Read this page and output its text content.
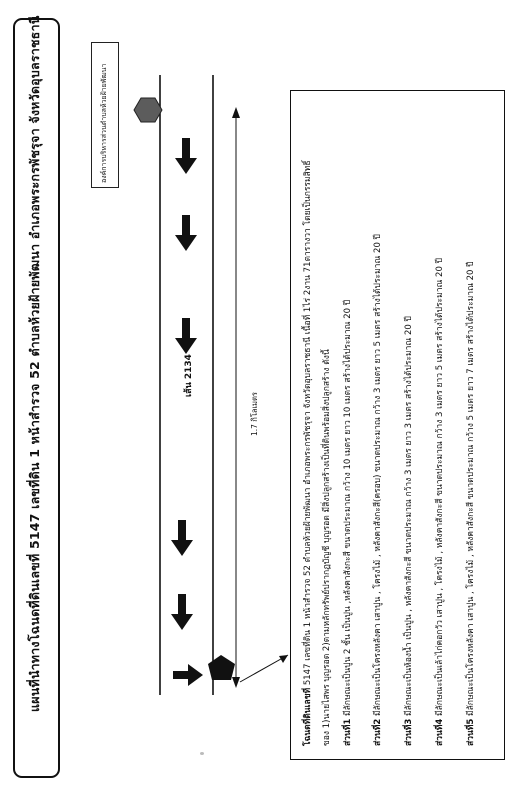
แผนที่นำทางโฉนดที่ดินเลขที่ 5147 เลขที่ดิน 1 หน้าสำรวจ 52 ตำบลห้วยฝ้ายพัฒนา อำเภอพระกรพัชรุจา จังหวัดอุบลราชธานี	องค์การบริหารส่วนตำบลห้วยฝ้ายพัฒนา
เส้น 2134
1.7 กิโลเมตร
โฉนดที่ดินเลขที่ 5147 เลขที่ดิน 1 หน้าสำรวจ 52 ตำบลห้วยฝ้ายพัฒนา อำเภอพระกรพัชรุจา จังหวัดอุบลราชธานี เนื้อที่ 1ไร่ 2งาน 71ตารางวา โดยเป็นกรรมสิทธิ์	ของ 1)นายไสพร บุญรอด 2)ตามหลักทรัพย์ปรากฏบัญชี บุญรอด มีสิ่งปลูกสร้างเป็นที่ดินพร้อมสิ่งปลูกสร้าง ดังนี้	ส่วนที่1 มีลักษณะเป็นปูน 2 ชั้น เป็นปูน ,หลังคาสังกะสี ขนาดประมาณ กว้าง 10 เมตร ยาว 10 เมตร สร้างได้ประมาณ 20 ปี
ส่วนที่2 มีลักษณะเป็นโครงหลังคา เสาปูน , โครงไม้ , หลังคาสังกะสี(ครอบ) ขนาดประมาณ กว้าง 3 เมตร ยาว 5 เมตร สร้างได้ประมาณ 20 ปี
ส่วนที่3 มีลักษณะเป็นห้องน้ำ เป็นปูน , หลังคาสังกะสี ขนาดประมาณ กว้าง 3 เมตร ยาว 3 เมตร สร้างได้ประมาณ 20 ปี
ส่วนที่4 มีลักษณะเป็นเล้าไก่คอกวัว เสาปูน , โครงไม้ , หลังคาสังกะสี ขนาดประมาณ กว้าง 3 เมตร ยาว 5 เมตร สร้างได้ประมาณ 20 ปี
ส่วนที่5 มีลักษณะเป็นโครงหลังคา เสาปูน , โครงไม้ , หลังคาสังกะสี ขนาดประมาณ กว้าง 5 เมตร ยาว 7 เมตร สร้างได้ประมาณ 20 ปี
